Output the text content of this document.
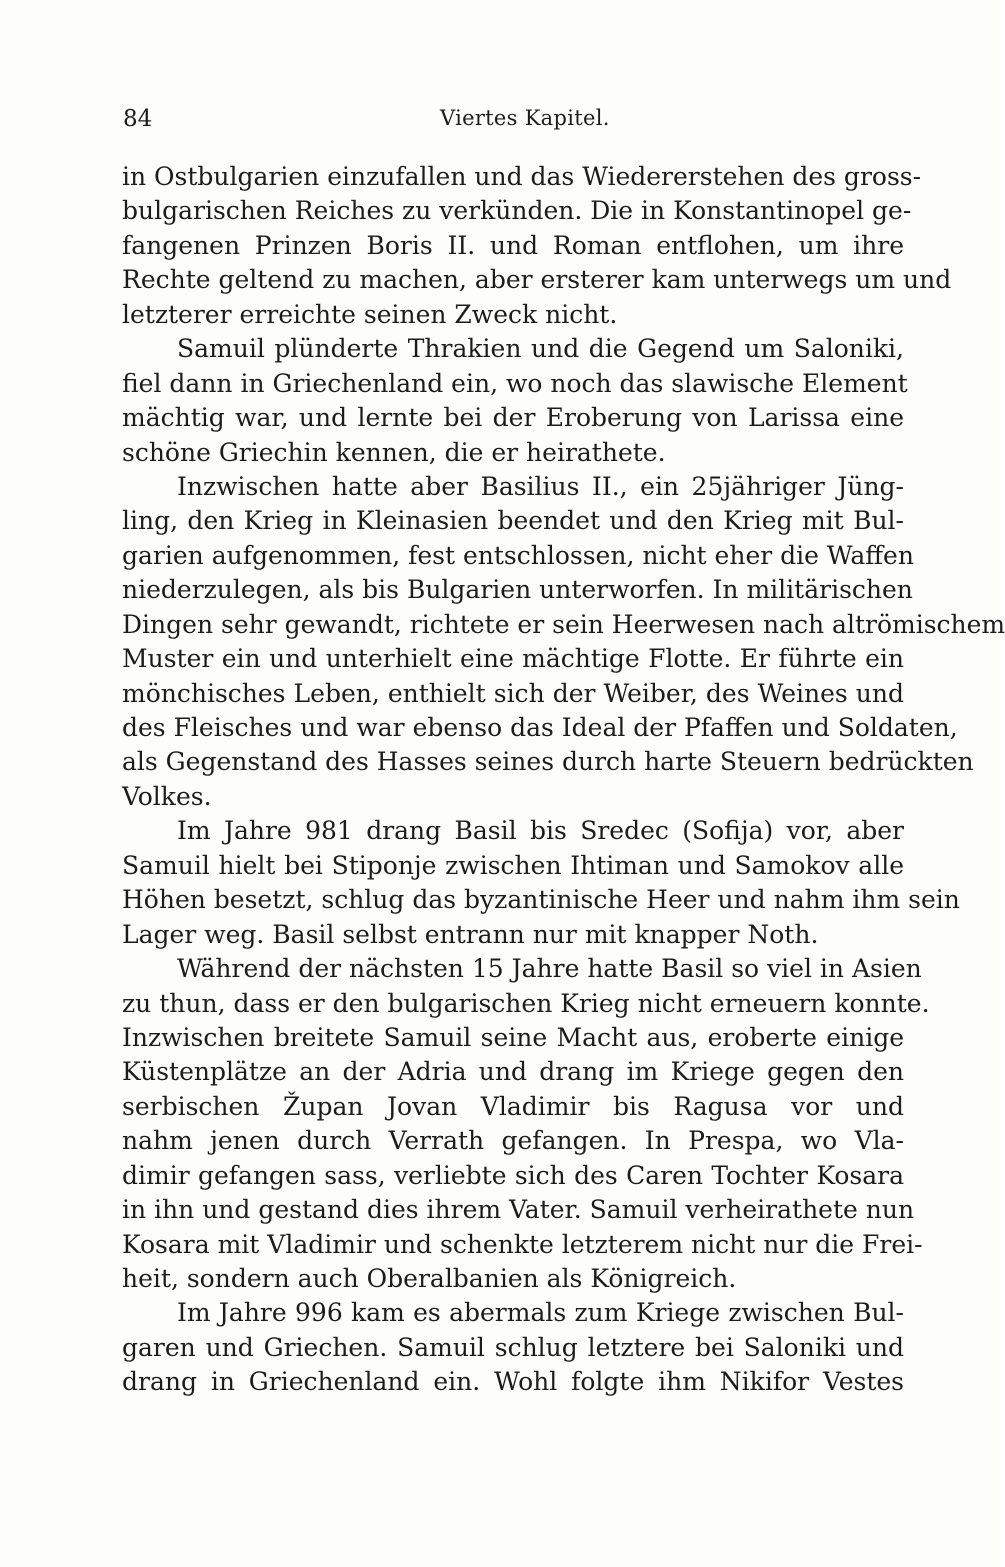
84	Viertes Kapitel.
in Ostbulgarien einzufallen und das Wiedererstehen des gross-
bulgarischen Reiches zu verkünden. Die in Konstantinopel ge-
fangenen Prinzen Boris II. und Roman entflohen, um ihre
Rechte geltend zu machen, aber ersterer kam unterwegs um und
letzterer erreichte seinen Zweck nicht.
Samuil plünderte Thrakien und die Gegend um Saloniki,
fiel dann in Griechenland ein, wo noch das slawische Element
mächtig war, und lernte bei der Eroberung von Larissa eine
schöne Griechin kennen, die er heirathete.
Inzwischen hatte aber Basilius II., ein 25jähriger Jüng-
ling, den Krieg in Kleinasien beendet und den Krieg mit Bul-
garien aufgenommen, fest entschlossen, nicht eher die Waffen
niederzulegen, als bis Bulgarien unterworfen. In militärischen
Dingen sehr gewandt, richtete er sein Heerwesen nach altrömischem
Muster ein und unterhielt eine mächtige Flotte. Er führte ein
mönchisches Leben, enthielt sich der Weiber, des Weines und
des Fleisches und war ebenso das Ideal der Pfaffen und Soldaten,
als Gegenstand des Hasses seines durch harte Steuern bedrückten
Volkes.
Im Jahre 981 drang Basil bis Sredec (Sofija) vor, aber
Samuil hielt bei Stiponje zwischen Ihtiman und Samokov alle
Höhen besetzt, schlug das byzantinische Heer und nahm ihm sein
Lager weg. Basil selbst entrann nur mit knapper Noth.
Während der nächsten 15 Jahre hatte Basil so viel in Asien
zu thun, dass er den bulgarischen Krieg nicht erneuern konnte.
Inzwischen breitete Samuil seine Macht aus, eroberte einige
Küstenplätze an der Adria und drang im Kriege gegen den
serbischen Župan Jovan Vladimir bis Ragusa vor und
nahm jenen durch Verrath gefangen. In Prespa, wo Vla-
dimir gefangen sass, verliebte sich des Caren Tochter Kosara
in ihn und gestand dies ihrem Vater. Samuil verheirathete nun
Kosara mit Vladimir und schenkte letzterem nicht nur die Frei-
heit, sondern auch Oberalbanien als Königreich.
Im Jahre 996 kam es abermals zum Kriege zwischen Bul-
garen und Griechen. Samuil schlug letztere bei Saloniki und
drang in Griechenland ein. Wohl folgte ihm Nikifor Vestes
